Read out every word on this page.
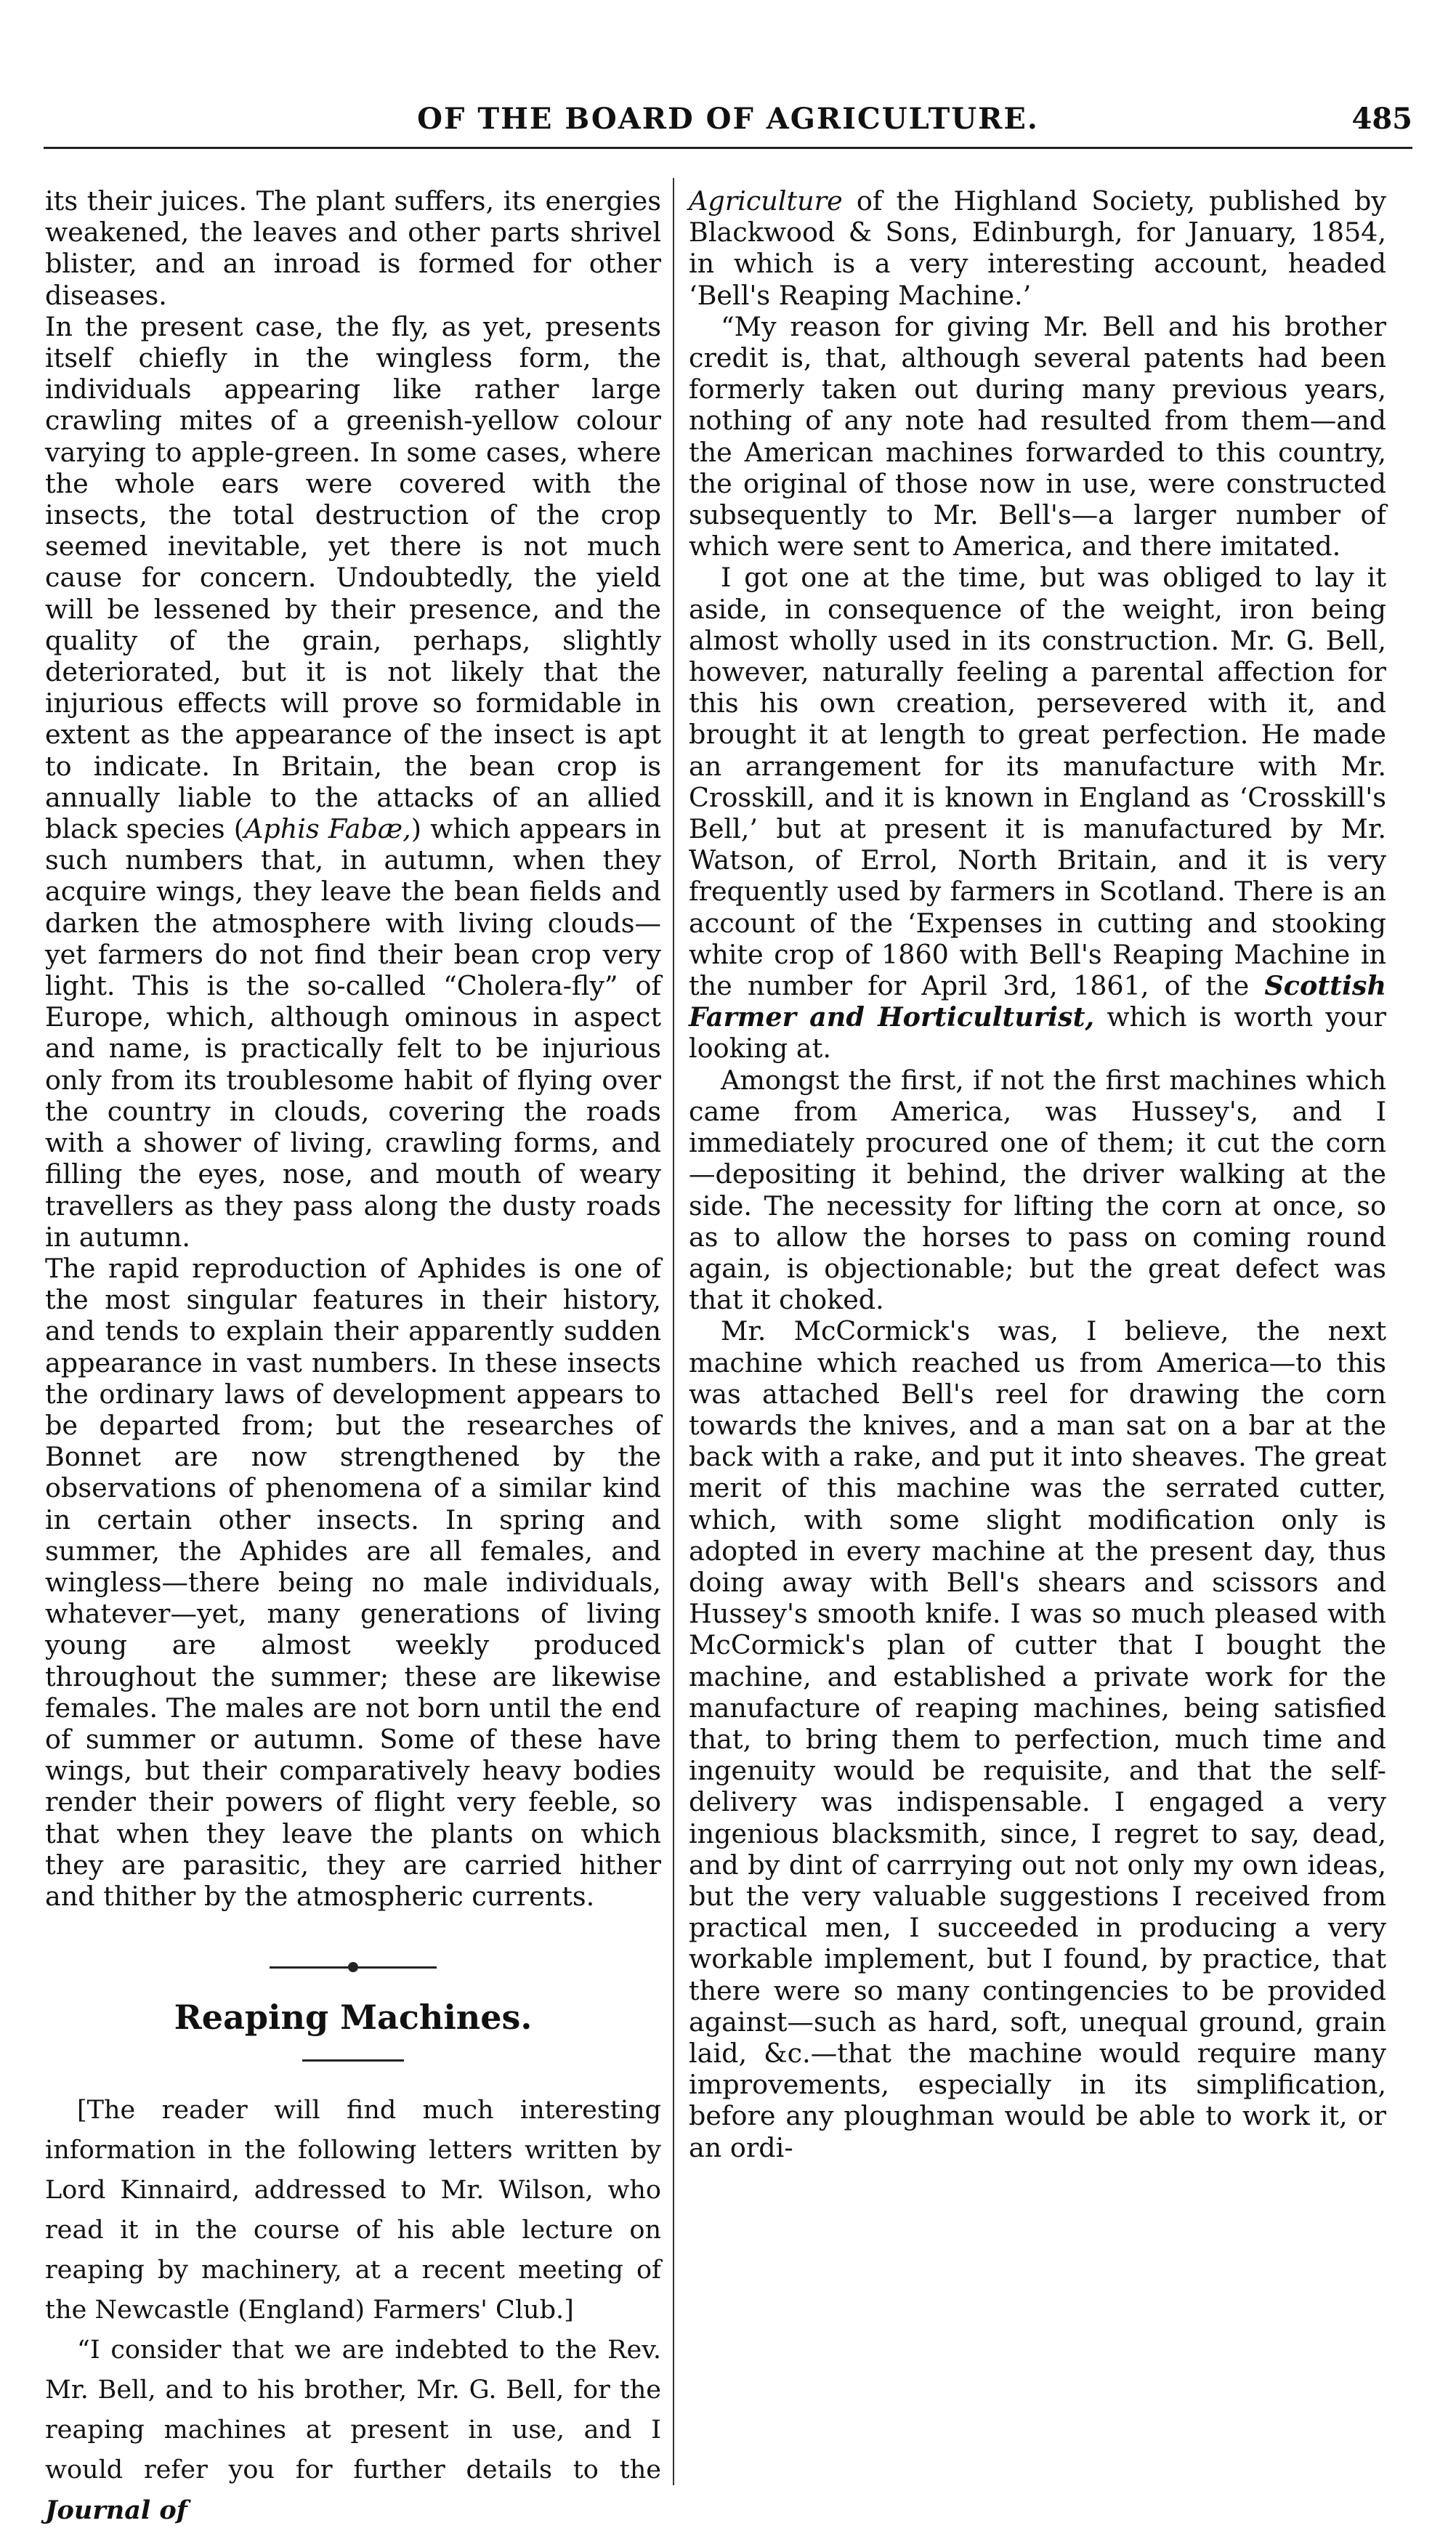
OF THE BOARD OF AGRICULTURE.	485

its their juices. The plant suffers, its energies weakened, the leaves and other parts shrivel blister, and an inroad is formed for other diseases.

In the present case, the fly, as yet, presents itself chiefly in the wingless form, the individuals appearing like rather large crawling mites of a greenish-yellow colour varying to apple-green. In some cases, where the whole ears were covered with the insects, the total destruction of the crop seemed inevitable, yet there is not much cause for concern. Undoubtedly, the yield will be lessened by their presence, and the quality of the grain, perhaps, slightly deteriorated, but it is not likely that the injurious effects will prove so formidable in extent as the appearance of the insect is apt to indicate. In Britain, the bean crop is annually liable to the attacks of an allied black species (Aphis Fabæ,) which appears in such numbers that, in autumn, when they acquire wings, they leave the bean fields and darken the atmosphere with living clouds—yet farmers do not find their bean crop very light. This is the so-called “Cholera-fly” of Europe, which, although ominous in aspect and name, is practically felt to be injurious only from its troublesome habit of flying over the country in clouds, covering the roads with a shower of living, crawling forms, and filling the eyes, nose, and mouth of weary travellers as they pass along the dusty roads in autumn.

The rapid reproduction of Aphides is one of the most singular features in their history, and tends to explain their apparently sudden appearance in vast numbers. In these insects the ordinary laws of development appears to be departed from; but the researches of Bonnet are now strengthened by the observations of phenomena of a similar kind in certain other insects. In spring and summer, the Aphides are all females, and wingless—there being no male individuals, whatever—yet, many generations of living young are almost weekly produced throughout the summer; these are likewise females. The males are not born until the end of summer or autumn. Some of these have wings, but their comparatively heavy bodies render their powers of flight very feeble, so that when they leave the plants on which they are parasitic, they are carried hither and thither by the atmospheric currents.

Reaping Machines.

[The reader will find much interesting information in the following letters written by Lord Kinnaird, addressed to Mr. Wilson, who read it in the course of his able lecture on reaping by machinery, at a recent meeting of the Newcastle (England) Farmers' Club.]

“I consider that we are indebted to the Rev. Mr. Bell, and to his brother, Mr. G. Bell, for the reaping machines at present in use, and I would refer you for further details to the Journal of

Agriculture of the Highland Society, published by Blackwood & Sons, Edinburgh, for January, 1854, in which is a very interesting account, headed ‘Bell's Reaping Machine.’

“My reason for giving Mr. Bell and his brother credit is, that, although several patents had been formerly taken out during many previous years, nothing of any note had resulted from them—and the American machines forwarded to this country, the original of those now in use, were constructed subsequently to Mr. Bell's—a larger number of which were sent to America, and there imitated.

I got one at the time, but was obliged to lay it aside, in consequence of the weight, iron being almost wholly used in its construction. Mr. G. Bell, however, naturally feeling a parental affection for this his own creation, persevered with it, and brought it at length to great perfection. He made an arrangement for its manufacture with Mr. Crosskill, and it is known in England as ‘Crosskill's Bell,’ but at present it is manufactured by Mr. Watson, of Errol, North Britain, and it is very frequently used by farmers in Scotland. There is an account of the ‘Expenses in cutting and stooking white crop of 1860 with Bell's Reaping Machine in the number for April 3rd, 1861, of the Scottish Farmer and Horticulturist, which is worth your looking at.

Amongst the first, if not the first machines which came from America, was Hussey's, and I immediately procured one of them; it cut the corn—depositing it behind, the driver walking at the side. The necessity for lifting the corn at once, so as to allow the horses to pass on coming round again, is objectionable; but the great defect was that it choked.

Mr. McCormick's was, I believe, the next machine which reached us from America—to this was attached Bell's reel for drawing the corn towards the knives, and a man sat on a bar at the back with a rake, and put it into sheaves. The great merit of this machine was the serrated cutter, which, with some slight modification only is adopted in every machine at the present day, thus doing away with Bell's shears and scissors and Hussey's smooth knife. I was so much pleased with McCormick's plan of cutter that I bought the machine, and established a private work for the manufacture of reaping machines, being satisfied that, to bring them to perfection, much time and ingenuity would be requisite, and that the self-delivery was indispensable. I engaged a very ingenious blacksmith, since, I regret to say, dead, and by dint of carrrying out not only my own ideas, but the very valuable suggestions I received from practical men, I succeeded in producing a very workable implement, but I found, by practice, that there were so many contingencies to be provided against—such as hard, soft, unequal ground, grain laid, &c.—that the machine would require many improvements, especially in its simplification, before any ploughman would be able to work it, or an ordi-
